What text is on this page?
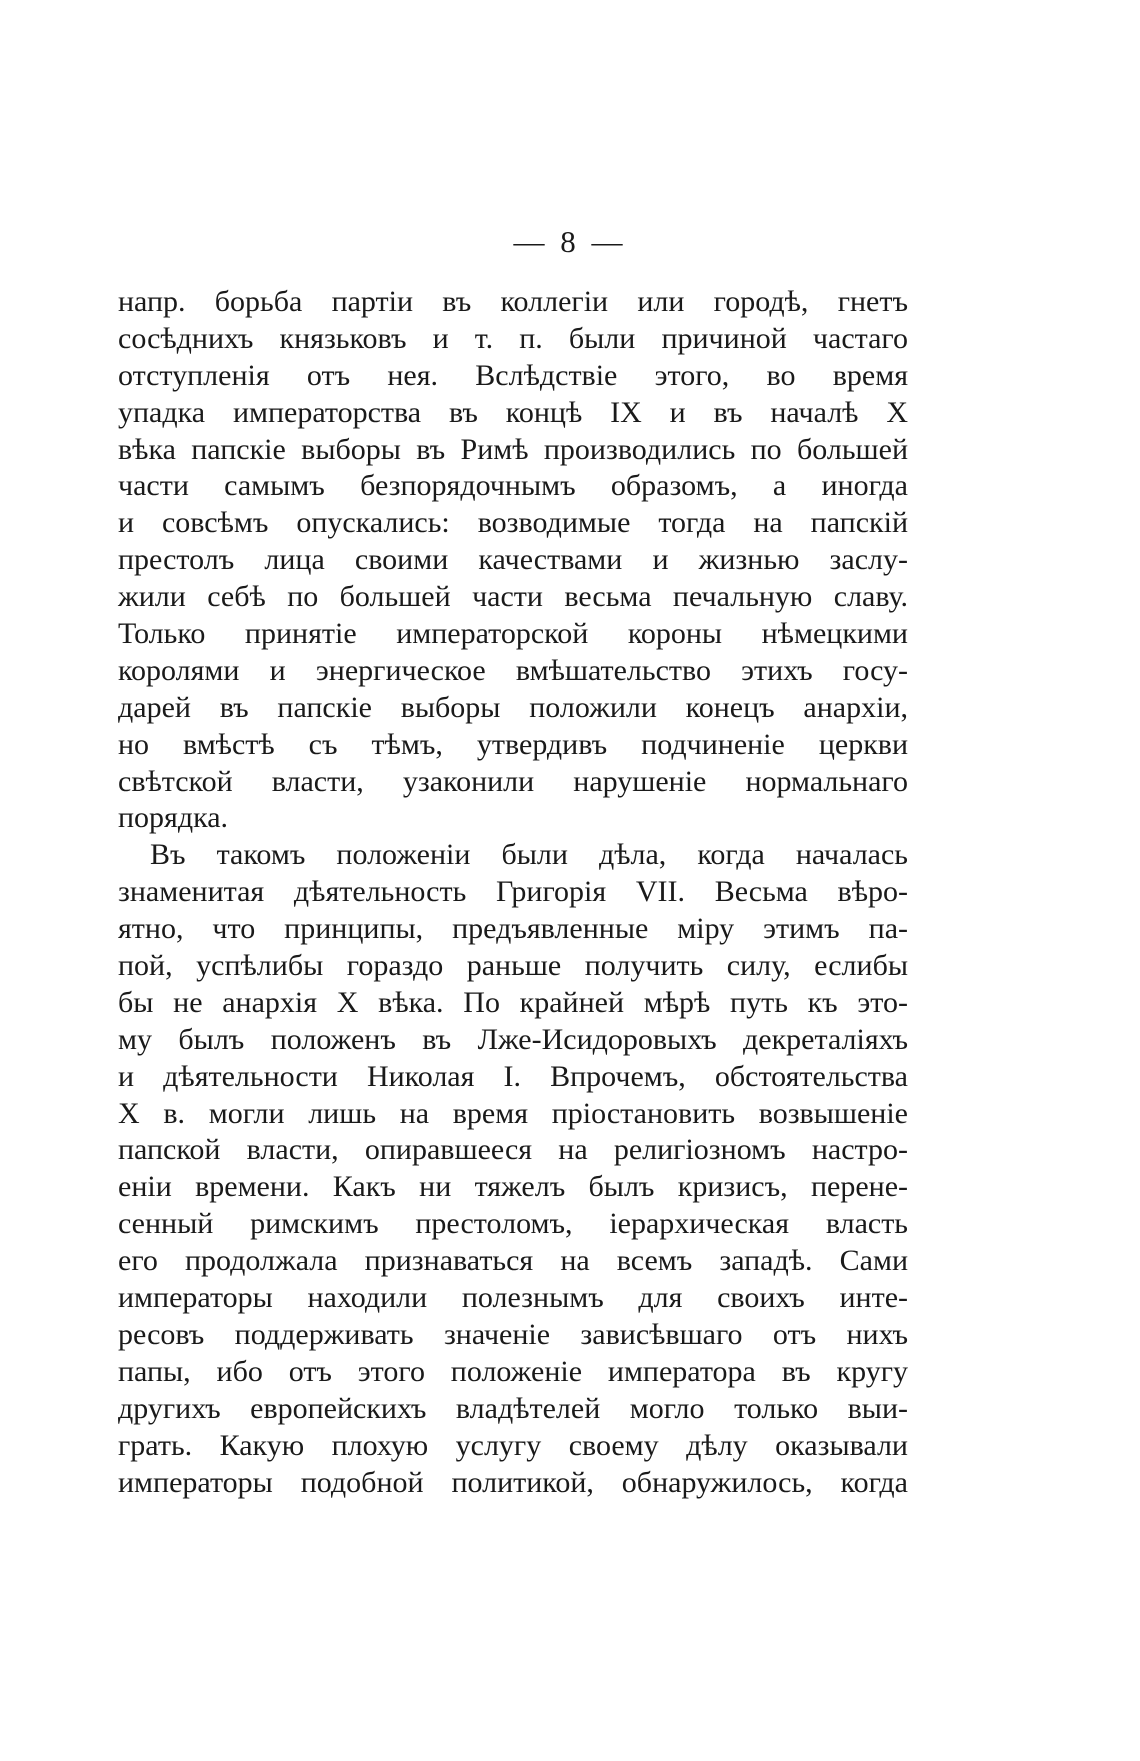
— 8 —
напр. борьба партіи въ коллегіи или городѣ, гнетъ
сосѣднихъ князьковъ и т. п. были причиной частаго
отступленія отъ нея. Вслѣдствіе этого, во время
упадка императорства въ концѣ IX и въ началѣ X
вѣка папскіе выборы въ Римѣ производились по большей
части самымъ безпорядочнымъ образомъ, а иногда
и совсѣмъ опускались: возводимые тогда на папскій
престолъ лица своими качествами и жизнью заслу-
жили себѣ по большей части весьма печальную славу.
Только принятіе императорской короны нѣмецкими
королями и энергическое вмѣшательство этихъ госу-
дарей въ папскіе выборы положили конецъ анархіи,
но вмѣстѣ съ тѣмъ, утвердивъ подчиненіе церкви
свѣтской власти, узаконили нарушеніе нормальнаго
порядка.
Въ такомъ положеніи были дѣла, когда началась
знаменитая дѣятельность Григорія VII. Весьма вѣро-
ятно, что принципы, предъявленные міру этимъ па-
пой, успѣлибы гораздо раньше получить силу, еслибы
бы не анархія X вѣка. По крайней мѣрѣ путь къ это-
му былъ положенъ въ Лже-Исидоровыхъ декреталіяхъ
и дѣятельности Николая I. Впрочемъ, обстоятельства
X в. могли лишь на время пріостановить возвышеніе
папской власти, опиравшееся на религіозномъ настро-
еніи времени. Какъ ни тяжелъ былъ кризисъ, перене-
сенный римскимъ престоломъ, іерархическая власть
его продолжала признаваться на всемъ западѣ. Сами
императоры находили полезнымъ для своихъ инте-
ресовъ поддерживать значеніе зависѣвшаго отъ нихъ
папы, ибо отъ этого положеніе императора въ кругу
другихъ европейскихъ владѣтелей могло только выи-
грать. Какую плохую услугу своему дѣлу оказывали
императоры подобной политикой, обнаружилось, когда
